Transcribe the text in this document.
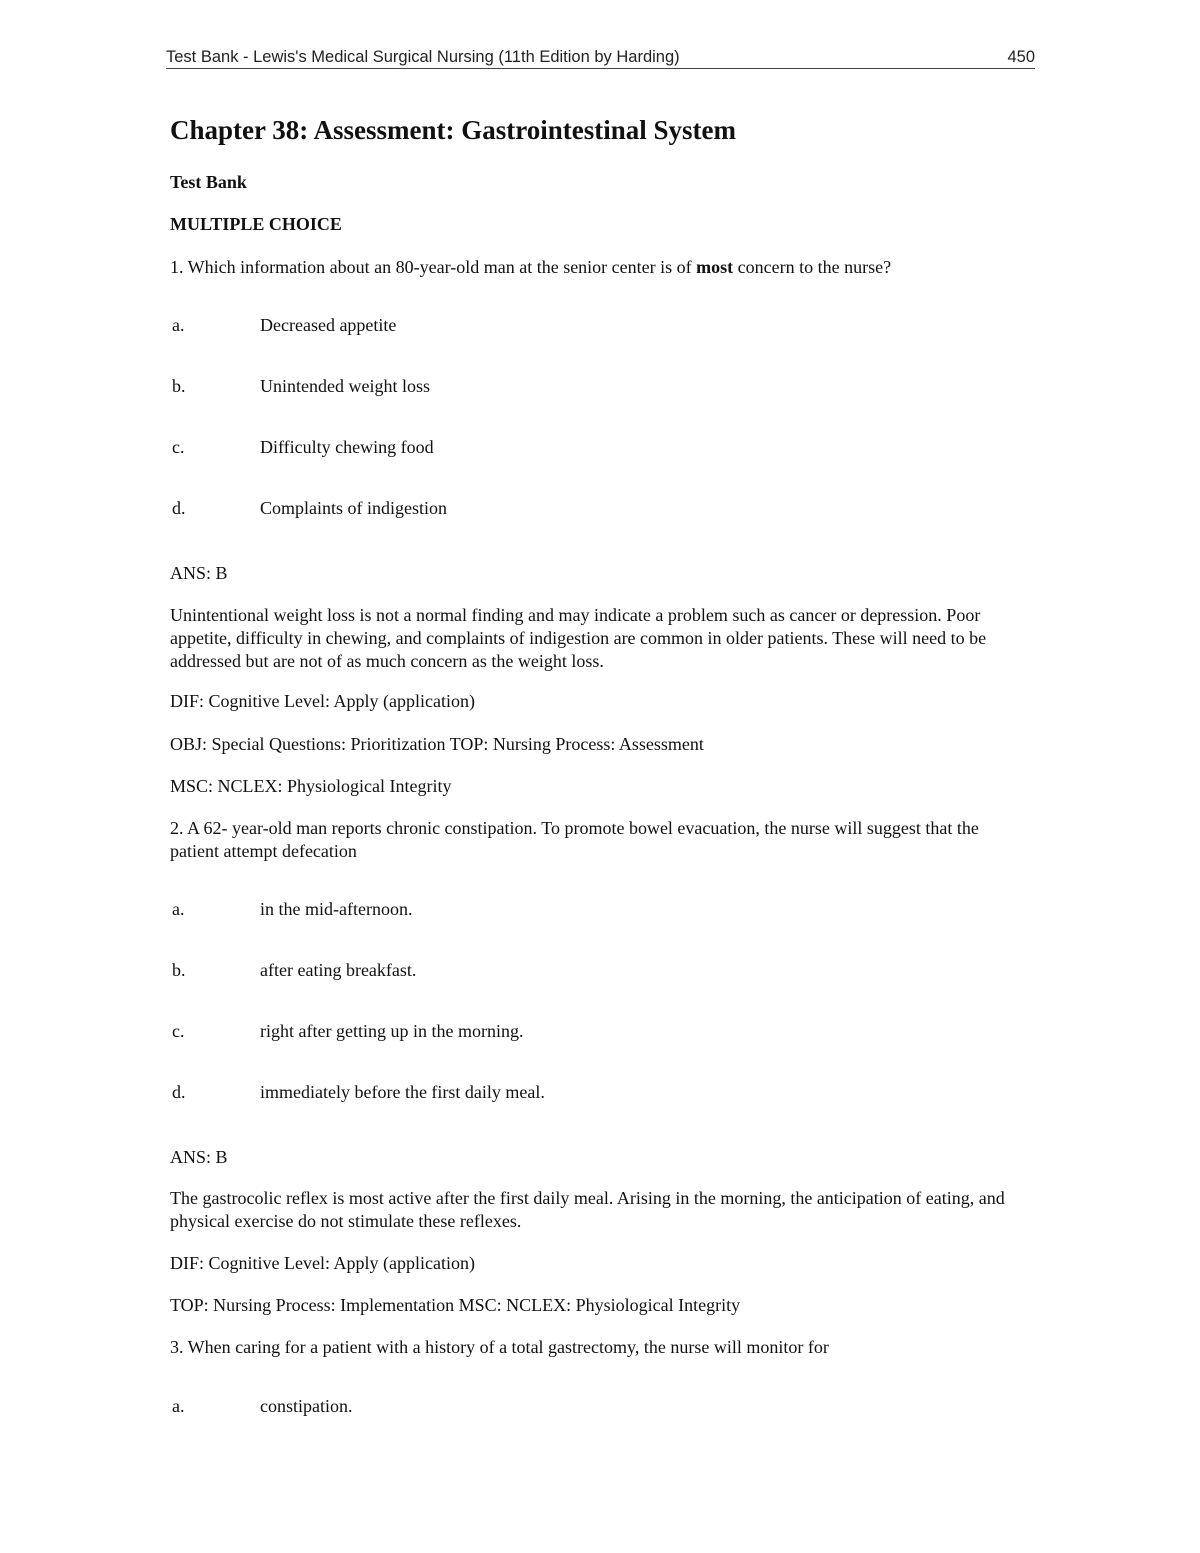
Test Bank - Lewis's Medical Surgical Nursing (11th Edition by Harding)	450
Chapter 38: Assessment: Gastrointestinal System
Test Bank
MULTIPLE CHOICE
1. Which information about an 80-year-old man at the senior center is of most concern to the nurse?
a.	Decreased appetite
b.	Unintended weight loss
c.	Difficulty chewing food
d.	Complaints of indigestion
ANS: B
Unintentional weight loss is not a normal finding and may indicate a problem such as cancer or depression. Poor appetite, difficulty in chewing, and complaints of indigestion are common in older patients. These will need to be addressed but are not of as much concern as the weight loss.
DIF: Cognitive Level: Apply (application)
OBJ: Special Questions: Prioritization TOP: Nursing Process: Assessment
MSC: NCLEX: Physiological Integrity
2. A 62- year-old man reports chronic constipation. To promote bowel evacuation, the nurse will suggest that the patient attempt defecation
a.	in the mid-afternoon.
b.	after eating breakfast.
c.	right after getting up in the morning.
d.	immediately before the first daily meal.
ANS: B
The gastrocolic reflex is most active after the first daily meal. Arising in the morning, the anticipation of eating, and physical exercise do not stimulate these reflexes.
DIF: Cognitive Level: Apply (application)
TOP: Nursing Process: Implementation MSC: NCLEX: Physiological Integrity
3. When caring for a patient with a history of a total gastrectomy, the nurse will monitor for
a.	constipation.
